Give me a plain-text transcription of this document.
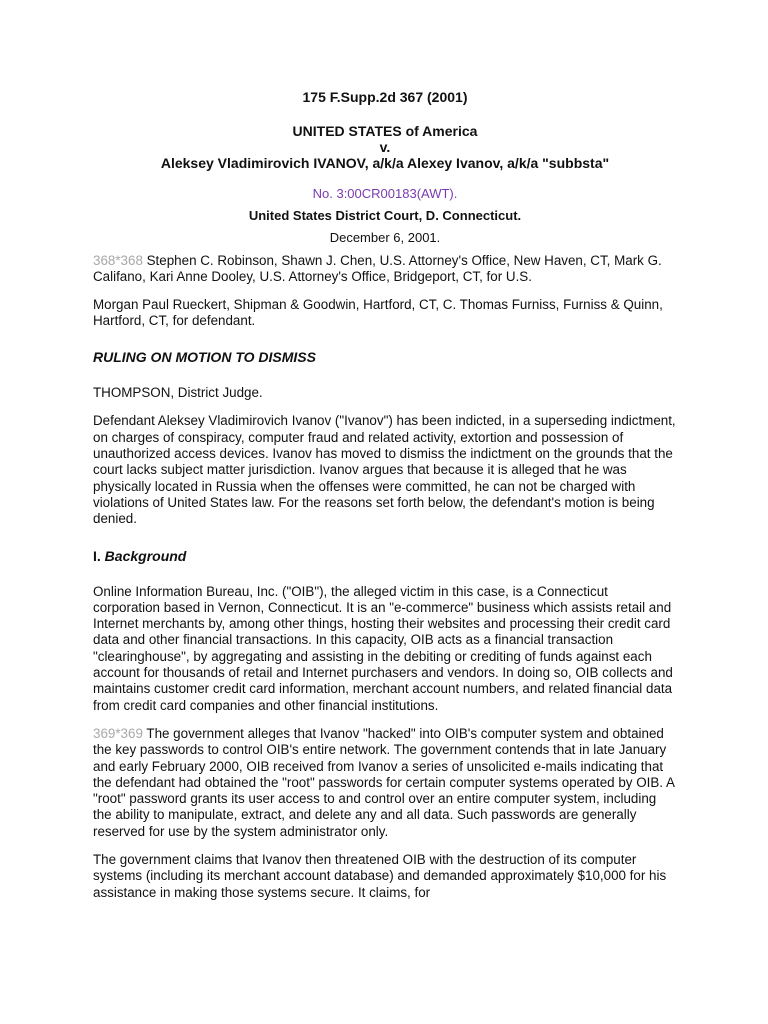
175 F.Supp.2d 367 (2001)
UNITED STATES of America
v.
Aleksey Vladimirovich IVANOV, a/k/a Alexey Ivanov, a/k/a "subbsta"
No. 3:00CR00183(AWT).
United States District Court, D. Connecticut.
December 6, 2001.

368*368 Stephen C. Robinson, Shawn J. Chen, U.S. Attorney's Office, New Haven, CT, Mark G. Califano, Kari Anne Dooley, U.S. Attorney's Office, Bridgeport, CT, for U.S.

Morgan Paul Rueckert, Shipman & Goodwin, Hartford, CT, C. Thomas Furniss, Furniss & Quinn, Hartford, CT, for defendant.

RULING ON MOTION TO DISMISS

THOMPSON, District Judge.

Defendant Aleksey Vladimirovich Ivanov ("Ivanov") has been indicted, in a superseding indictment, on charges of conspiracy, computer fraud and related activity, extortion and possession of unauthorized access devices. Ivanov has moved to dismiss the indictment on the grounds that the court lacks subject matter jurisdiction. Ivanov argues that because it is alleged that he was physically located in Russia when the offenses were committed, he can not be charged with violations of United States law. For the reasons set forth below, the defendant's motion is being denied.

I. Background

Online Information Bureau, Inc. ("OIB"), the alleged victim in this case, is a Connecticut corporation based in Vernon, Connecticut. It is an "e-commerce" business which assists retail and Internet merchants by, among other things, hosting their websites and processing their credit card data and other financial transactions. In this capacity, OIB acts as a financial transaction "clearinghouse", by aggregating and assisting in the debiting or crediting of funds against each account for thousands of retail and Internet purchasers and vendors. In doing so, OIB collects and maintains customer credit card information, merchant account numbers, and related financial data from credit card companies and other financial institutions.

369*369 The government alleges that Ivanov "hacked" into OIB's computer system and obtained the key passwords to control OIB's entire network. The government contends that in late January and early February 2000, OIB received from Ivanov a series of unsolicited e-mails indicating that the defendant had obtained the "root" passwords for certain computer systems operated by OIB. A "root" password grants its user access to and control over an entire computer system, including the ability to manipulate, extract, and delete any and all data. Such passwords are generally reserved for use by the system administrator only.

The government claims that Ivanov then threatened OIB with the destruction of its computer systems (including its merchant account database) and demanded approximately $10,000 for his assistance in making those systems secure. It claims, for
